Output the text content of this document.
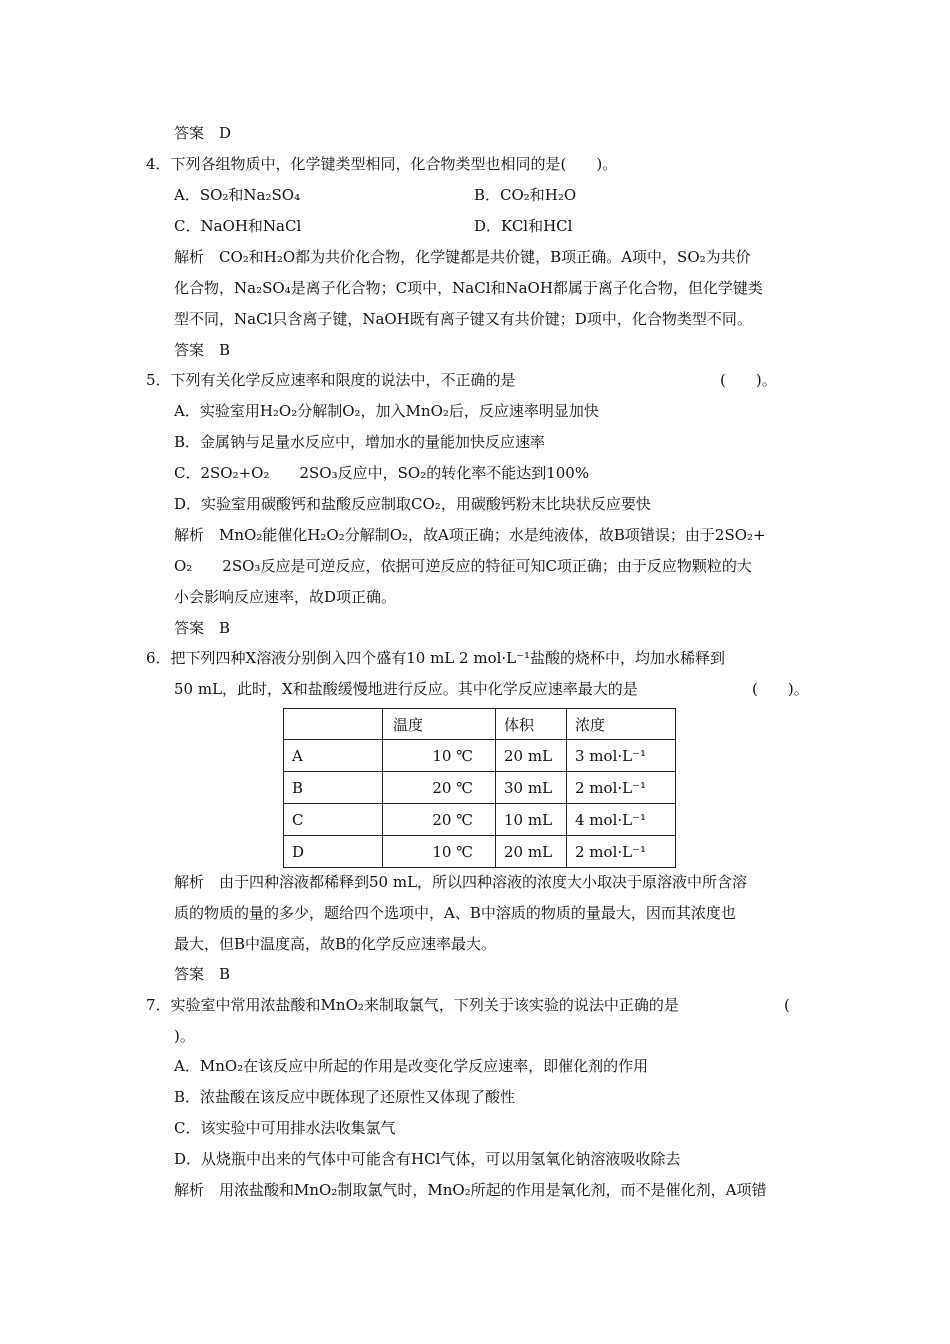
答案　D
4．下列各组物质中，化学键类型相同，化合物类型也相同的是(　　)。
A．SO₂和Na₂SO₄	B．CO₂和H₂O
C．NaOH和NaCl	D．KCl和HCl
解析　CO₂和H₂O都为共价化合物，化学键都是共价键，B项正确。A项中，SO₂为共价
化合物，Na₂SO₄是离子化合物；C项中，NaCl和NaOH都属于离子化合物，但化学键类
型不同，NaCl只含离子键，NaOH既有离子键又有共价键；D项中，化合物类型不同。
答案　B
5．下列有关化学反应速率和限度的说法中，不正确的是	(　　)。
A．实验室用H₂O₂分解制O₂，加入MnO₂后，反应速率明显加快
B．金属钠与足量水反应中，增加水的量能加快反应速率
C．2SO₂+O₂　　2SO₃反应中，SO₂的转化率不能达到100%
D．实验室用碳酸钙和盐酸反应制取CO₂，用碳酸钙粉末比块状反应要快
解析　MnO₂能催化H₂O₂分解制O₂，故A项正确；水是纯液体，故B项错误；由于2SO₂+
O₂　　2SO₃反应是可逆反应，依据可逆反应的特征可知C项正确；由于反应物颗粒的大
小会影响反应速率，故D项正确。
答案　B
6．把下列四种X溶液分别倒入四个盛有10 mL 2 mol·L⁻¹盐酸的烧杯中，均加水稀释到
50 mL，此时，X和盐酸缓慢地进行反应。其中化学反应速率最大的是	(　　)。
	温度	体积	浓度
A	10 ℃	20 mL	3 mol·L⁻¹
B	20 ℃	30 mL	2 mol·L⁻¹
C	20 ℃	10 mL	4 mol·L⁻¹
D	10 ℃	20 mL	2 mol·L⁻¹
解析　由于四种溶液都稀释到50 mL，所以四种溶液的浓度大小取决于原溶液中所含溶
质的物质的量的多少，题给四个选项中，A、B中溶质的物质的量最大，因而其浓度也
最大，但B中温度高，故B的化学反应速率最大。
答案　B
7．实验室中常用浓盐酸和MnO₂来制取氯气，下列关于该实验的说法中正确的是	(
)。
A．MnO₂在该反应中所起的作用是改变化学反应速率，即催化剂的作用
B．浓盐酸在该反应中既体现了还原性又体现了酸性
C．该实验中可用排水法收集氯气
D．从烧瓶中出来的气体中可能含有HCl气体，可以用氢氧化钠溶液吸收除去
解析　用浓盐酸和MnO₂制取氯气时，MnO₂所起的作用是氧化剂，而不是催化剂，A项错
